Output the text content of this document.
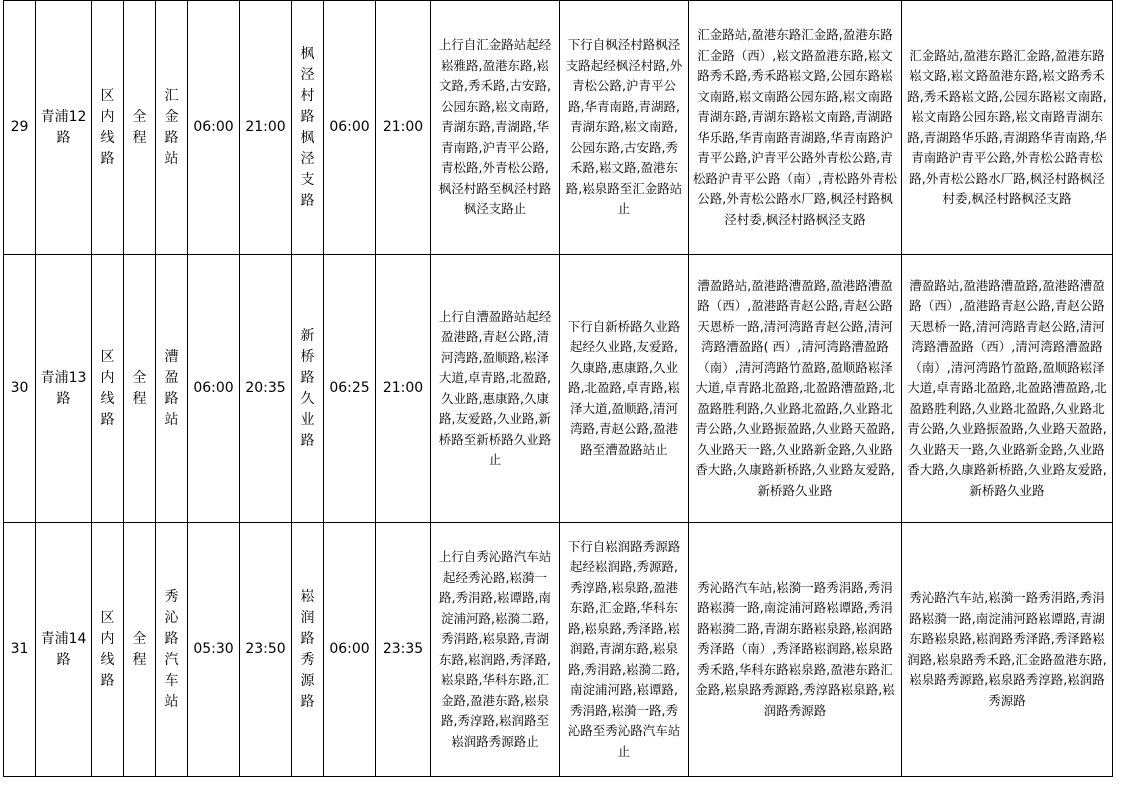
29	青浦12路	区内线路	全程	汇金路站	06:00	21:00	枫泾村路枫泾支路	06:00	21:00	上行自汇金路站起经崧雅路,盈港东路,崧文路,秀禾路,古安路,公园东路,崧文南路,青湖东路,青湖路,华青南路,沪青平公路,青松路,外青松公路,枫泾村路至枫泾村路枫泾支路止	下行自枫泾村路枫泾支路起经枫泾村路,外青松公路,沪青平公路,华青南路,青湖路,青湖东路,崧文南路,公园东路,古安路,秀禾路,崧文路,盈港东路,崧泉路至汇金路站止	汇金路站,盈港东路汇金路,盈港东路汇金路（西）,崧文路盈港东路,崧文路秀禾路,秀禾路崧文路,公园东路崧文南路,崧文南路公园东路,崧文南路青湖东路,青湖东路崧文南路,青湖路华乐路,华青南路青湖路,华青南路沪青平公路,沪青平公路外青松公路,青松路沪青平公路（南）,青松路外青松公路,外青松公路水厂路,枫泾村路枫泾村委,枫泾村路枫泾支路	汇金路站,盈港东路汇金路,盈港东路崧文路,崧文路盈港东路,崧文路秀禾路,秀禾路崧文路,公园东路崧文南路,崧文南路公园东路,崧文南路青湖东路,青湖路华乐路,青湖路华青南路,华青南路沪青平公路,外青松公路青松路,外青松公路水厂路,枫泾村路枫泾村委,枫泾村路枫泾支路
30	青浦13路	区内线路	全程	漕盈路站	06:00	20:35	新桥路久业路	06:25	21:00	上行自漕盈路站起经盈港路,青赵公路,清河湾路,盈顺路,崧泽大道,卓青路,北盈路,久业路,惠康路,久康路,友爱路,久业路,新桥路至新桥路久业路止	下行自新桥路久业路起经久业路,友爱路,久康路,惠康路,久业路,北盈路,卓青路,崧泽大道,盈顺路,清河湾路,青赵公路,盈港路至漕盈路站止	漕盈路站,盈港路漕盈路,盈港路漕盈路（西）,盈港路青赵公路,青赵公路天恩桥一路,清河湾路青赵公路,清河湾路漕盈路( 西）,清河湾路漕盈路（南）,清河湾路竹盈路,盈顺路崧泽大道,卓青路北盈路,北盈路漕盈路,北盈路胜利路,久业路北盈路,久业路北青公路,久业路振盈路,久业路天盈路,久业路天一路,久业路新金路,久业路香大路,久康路新桥路,久业路友爱路,新桥路久业路	漕盈路站,盈港路漕盈路,盈港路漕盈路（西）,盈港路青赵公路,青赵公路天恩桥一路,清河湾路青赵公路,清河湾路漕盈路（西）,清河湾路漕盈路（南）,清河湾路竹盈路,盈顺路崧泽大道,卓青路北盈路,北盈路漕盈路,北盈路胜利路,久业路北盈路,久业路北青公路,久业路振盈路,久业路天盈路,久业路天一路,久业路新金路,久业路香大路,久康路新桥路,久业路友爱路,新桥路久业路
31	青浦14路	区内线路	全程	秀沁路汽车站	05:30	23:50	崧润路秀源路	06:00	23:35	上行自秀沁路汽车站起经秀沁路,崧漪一路,秀涓路,崧谭路,南淀浦河路,崧漪二路,秀涓路,崧泉路,青湖东路,崧润路,秀泽路,崧泉路,华科东路,汇金路,盈港东路,崧泉路,秀淳路,崧润路至崧润路秀源路止	下行自崧润路秀源路起经崧润路,秀源路,秀淳路,崧泉路,盈港东路,汇金路,华科东路,崧泉路,秀泽路,崧润路,青湖东路,崧泉路,秀涓路,崧漪二路,南淀浦河路,崧谭路,秀涓路,崧漪一路,秀沁路至秀沁路汽车站止	秀沁路汽车站,崧漪一路秀涓路,秀涓路崧漪一路,南淀浦河路崧谭路,秀涓路崧漪二路,青湖东路崧泉路,崧润路秀泽路（南）,秀泽路崧润路,崧泉路秀禾路,华科东路崧泉路,盈港东路汇金路,崧泉路秀源路,秀淳路崧泉路,崧润路秀源路	秀沁路汽车站,崧漪一路秀涓路,秀涓路崧漪一路,南淀浦河路崧谭路,青湖东路崧泉路,崧润路秀泽路,秀泽路崧润路,崧泉路秀禾路,汇金路盈港东路,崧泉路秀源路,崧泉路秀淳路,崧润路秀源路
